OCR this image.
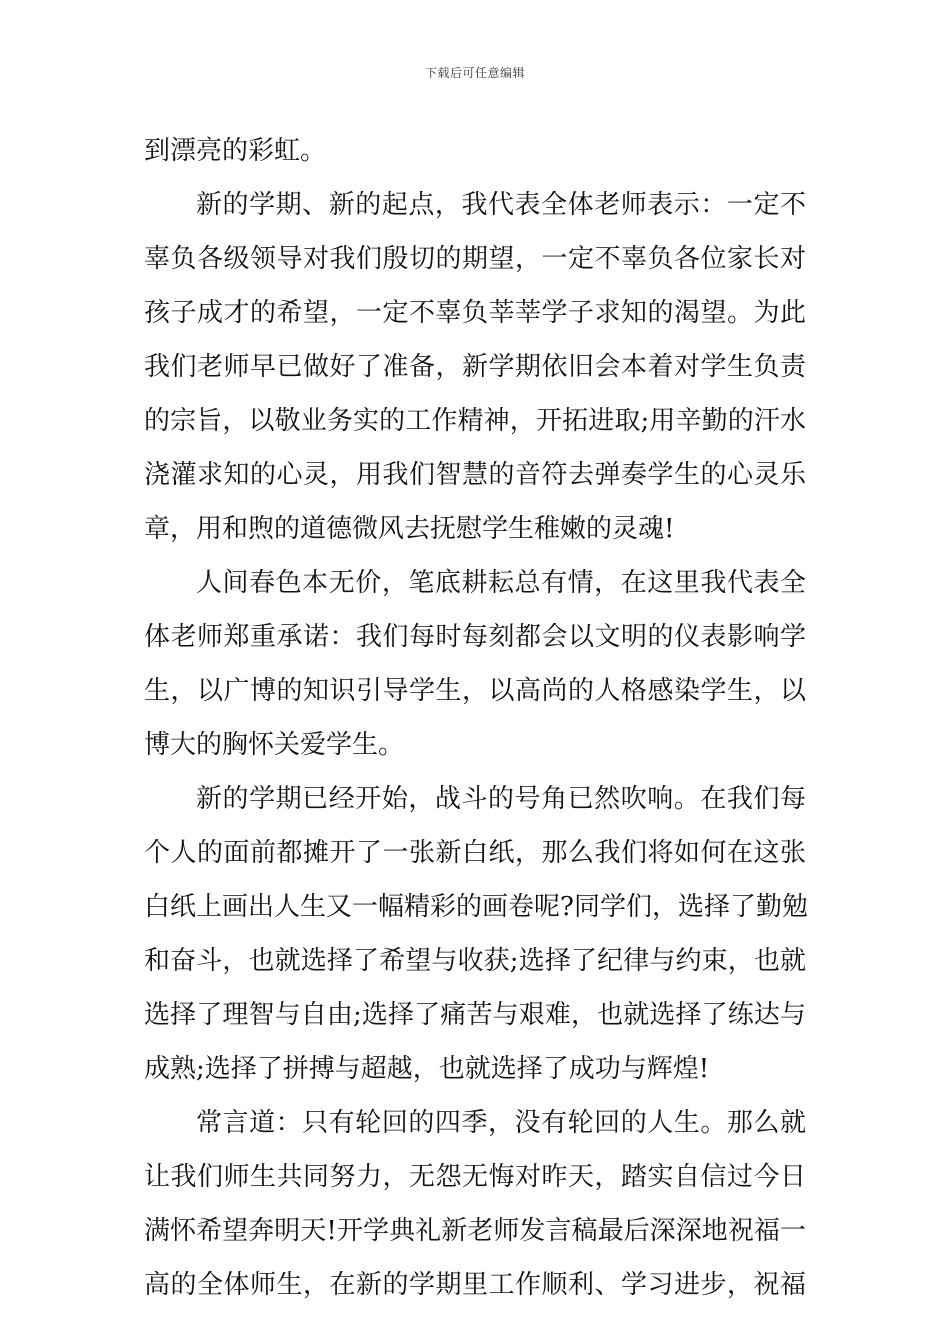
下载后可任意编辑
到漂亮的彩虹。
新的学期、新的起点，我代表全体老师表示：一定不
辜负各级领导对我们殷切的期望，一定不辜负各位家长对
孩子成才的希望，一定不辜负莘莘学子求知的渴望。为此
我们老师早已做好了准备，新学期依旧会本着对学生负责
的宗旨，以敬业务实的工作精神，开拓进取;用辛勤的汗水
浇灌求知的心灵，用我们智慧的音符去弹奏学生的心灵乐
章，用和煦的道德微风去抚慰学生稚嫩的灵魂!
人间春色本无价，笔底耕耘总有情，在这里我代表全
体老师郑重承诺：我们每时每刻都会以文明的仪表影响学
生，以广博的知识引导学生，以高尚的人格感染学生，以
博大的胸怀关爱学生。
新的学期已经开始，战斗的号角已然吹响。在我们每
个人的面前都摊开了一张新白纸，那么我们将如何在这张
白纸上画出人生又一幅精彩的画卷呢?同学们，选择了勤勉
和奋斗，也就选择了希望与收获;选择了纪律与约束，也就
选择了理智与自由;选择了痛苦与艰难，也就选择了练达与
成熟;选择了拼搏与超越，也就选择了成功与辉煌!
常言道：只有轮回的四季，没有轮回的人生。那么就
让我们师生共同努力，无怨无悔对昨天，踏实自信过今日
满怀希望奔明天!开学典礼新老师发言稿最后深深地祝福一
高的全体师生，在新的学期里工作顺利、学习进步，祝福
